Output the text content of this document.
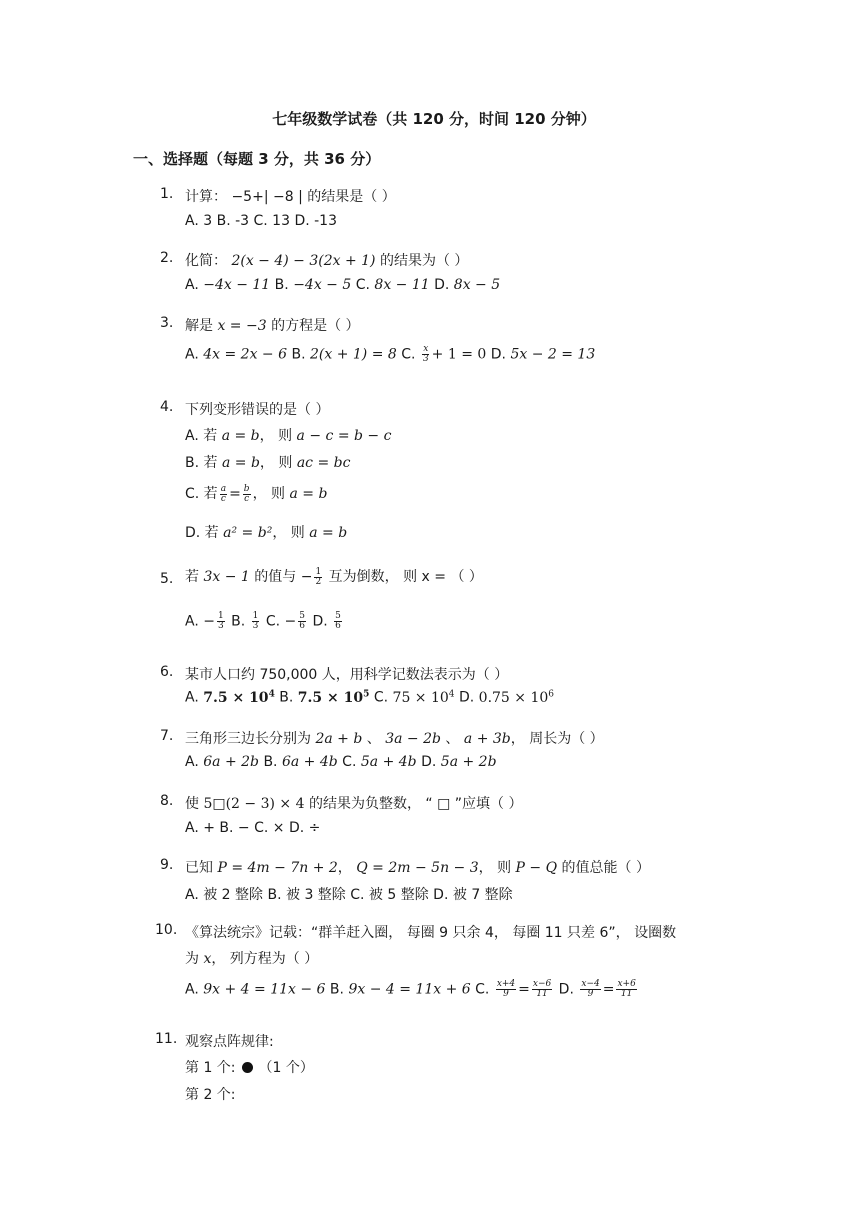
七年级数学试卷（共 120 分，时间 120 分钟）
一、选择题（每题 3 分，共 36 分）
1. 计算： −5+| −8 | 的结果是（ ）
A. 3 B. -3 C. 13 D. -13
2. 化简： 2(x − 4) − 3(2x + 1) 的结果为（ ）
A. −4x − 11 B. −4x − 5 C. 8x − 11 D. 8x − 5
3. 解是 x = −3 的方程是（ ）
A. 4x = 2x − 6 B. 2(x + 1) = 8 C. $\frac{x}{3} + 1 = 0$ D. 5x − 2 = 13
4. 下列变形错误的是（ ）
A. 若 a = b， 则 a − c = b − c
B. 若 a = b， 则 ac = bc
C. 若 $\frac{a}{c} = \frac{b}{c}$ ， 则 a = b
D. 若 a² = b²， 则 a = b
5. 若 3x − 1 的值与 − $\frac{1}{2}$ 互为倒数， 则 x = （ ）
A. − $\frac{1}{3} B$. $\frac{1}{3} C$. − $\frac{5}{6} D$. $\frac{5}{6}$
6. 某市人口约 750,000 人，用科学记数法表示为（ ）
A. $7.5 \times 10^4$ B. $7.5 \times 10^5$ C. $75 \times 10^4$ D. $0.75 \times 10^6$
7. 三角形三边长分别为 2a + b 、 3a − 2b 、 a + 3b， 周长为（ ）
A. 6a + 2b B. 6a + 4b C. 5a + 4b D. 5a + 2b
8. 使 5□(2 − 3) × 4 的结果为负整数， “ □ ”应填（ ）
A. + B. − C. × D. ÷
9. 已知 P = 4m − 7n + 2， Q = 2m − 5n − 3， 则 P − Q 的值总能（ ）
A. 被 2 整除 B. 被 3 整除 C. 被 5 整除 D. 被 7 整除
10. 《算法统宗》记载：“群羊赶入圈， 每圈 9 只余 4， 每圈 11 只差 6”， 设圈数
为 x， 列方程为（ ）
A. 9x + 4 = 11x − 6 B. 9x − 4 = 11x + 6 C. $\frac{x+4}{9} = \frac{x-6}{11} D$. $\frac{x-4}{9} = \frac{x+6}{11}$
11. 观察点阵规律:
第 1 个: （1 个）
第 2 个:
